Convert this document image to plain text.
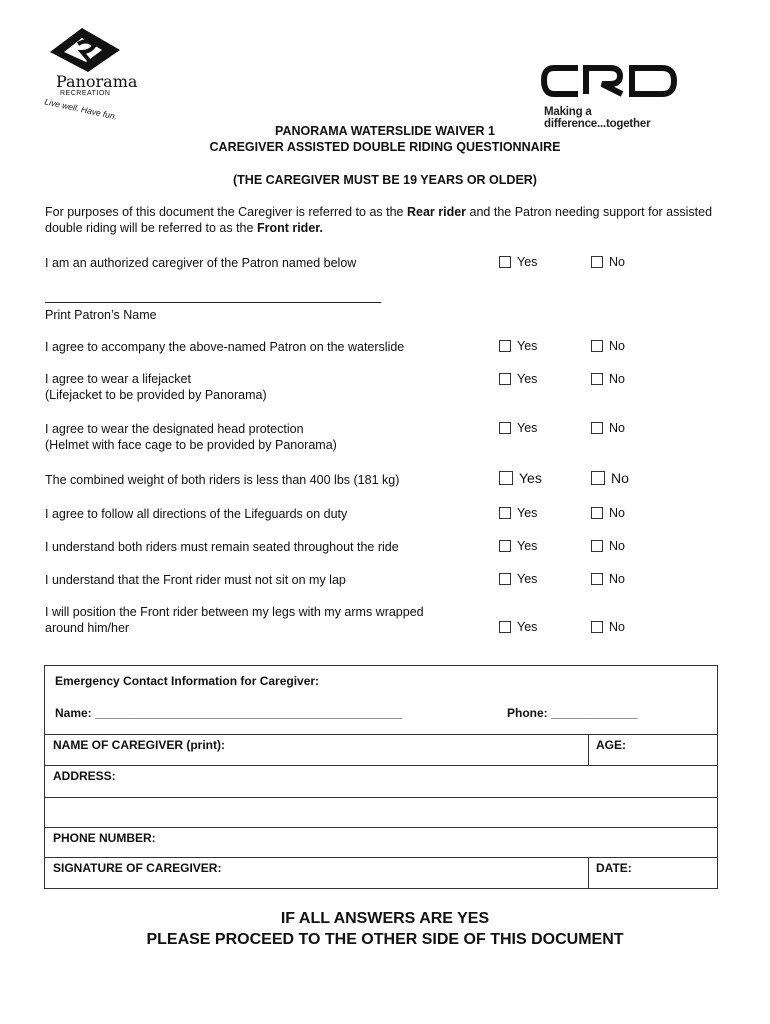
Panorama
RECREATION
Live well. Have fun.	Making a difference...together
PANORAMA WATERSLIDE WAIVER 1
CAREGIVER ASSISTED DOUBLE RIDING QUESTIONNAIRE
(THE CAREGIVER MUST BE 19 YEARS OR OLDER)
For purposes of this document the Caregiver is referred to as the Rear rider and the Patron needing support for assisted double riding will be referred to as the Front rider.
I am an authorized caregiver of the Patron named below	Yes	No
Print Patron’s Name
I agree to accompany the above-named Patron on the waterslide	Yes	No
I agree to wear a lifejacket
(Lifejacket to be provided by Panorama)
Yes	No
I agree to wear the designated head protection
(Helmet with face cage to be provided by Panorama)
Yes	No
The combined weight of both riders is less than 400 lbs (181 kg)	Yes	No
I agree to follow all directions of the Lifeguards on duty	Yes	No
I understand both riders must remain seated throughout the ride	Yes	No
I understand that the Front rider must not sit on my lap	Yes	No
I will position the Front rider between my legs with my arms wrapped
around him/her	Yes	No
Emergency Contact Information for Caregiver:
Name: ______________________________________________	Phone: _____________
NAME OF CAREGIVER (print):	AGE:
ADDRESS:
PHONE NUMBER:
SIGNATURE OF CAREGIVER:	DATE:
IF ALL ANSWERS ARE YES
PLEASE PROCEED TO THE OTHER SIDE OF THIS DOCUMENT
